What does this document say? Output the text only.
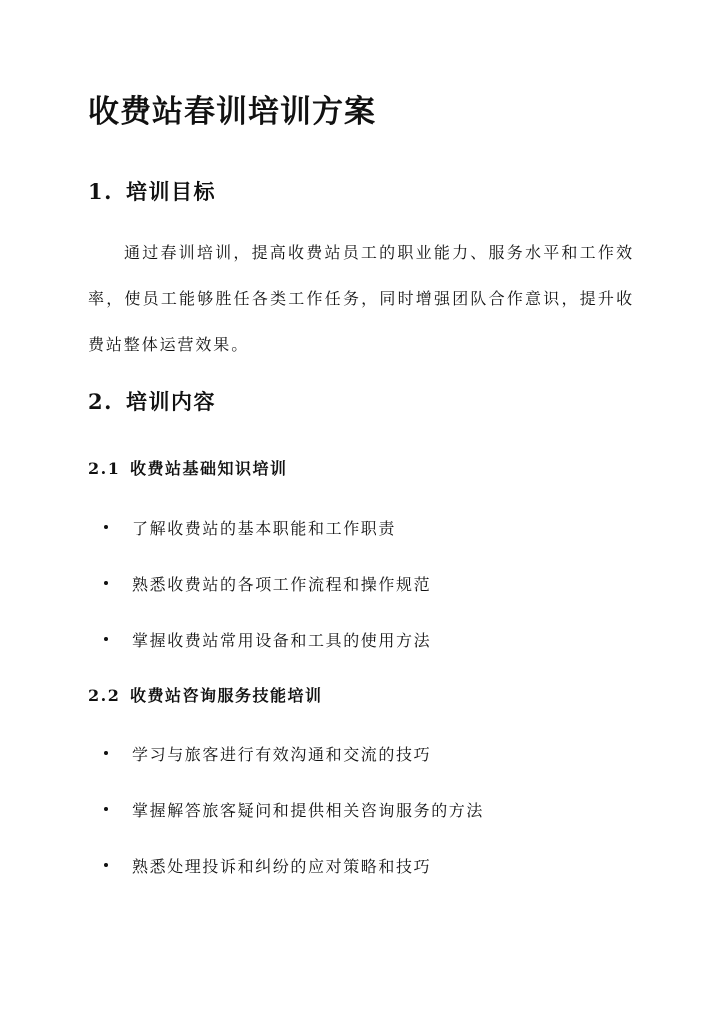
收费站春训培训方案
1. 培训目标

通过春训培训，提高收费站员工的职业能力、服务水平和工作效率，使员工能够胜任各类工作任务，同时增强团队合作意识，提升收费站整体运营效果。

2. 培训内容
2.1 收费站基础知识培训
了解收费站的基本职能和工作职责
熟悉收费站的各项工作流程和操作规范
掌握收费站常用设备和工具的使用方法
2.2 收费站咨询服务技能培训
学习与旅客进行有效沟通和交流的技巧
掌握解答旅客疑问和提供相关咨询服务的方法
熟悉处理投诉和纠纷的应对策略和技巧
